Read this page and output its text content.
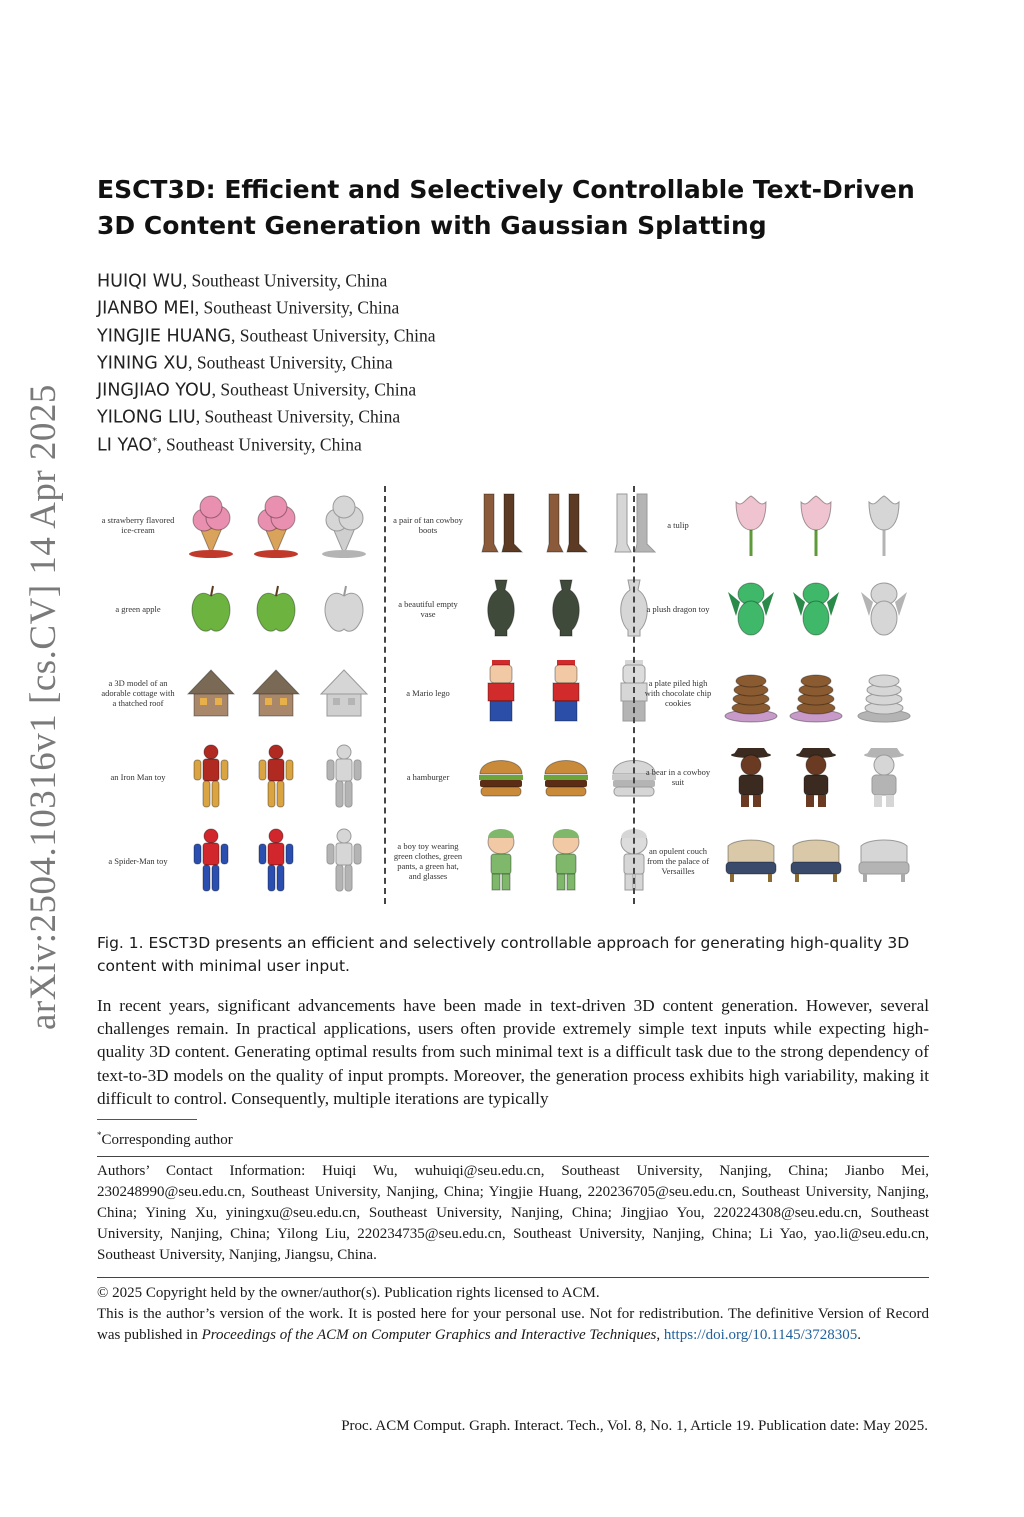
arXiv:2504.10316v1 [cs.CV] 14 Apr 2025
ESCT3D: Efficient and Selectively Controllable Text-Driven 3D Content Generation with Gaussian Splatting
HUIQI WU, Southeast University, China
JIANBO MEI, Southeast University, China
YINGJIE HUANG, Southeast University, China
YINING XU, Southeast University, China
JINGJIAO YOU, Southeast University, China
YILONG LIU, Southeast University, China
LI YAO*, Southeast University, China
a strawberry flavored ice-cream
a green apple
a 3D model of an adorable cottage with a thatched roof
an Iron Man toy
a Spider-Man toy
a pair of tan cowboy boots
a beautiful empty vase
a Mario lego
a hamburger
a boy toy wearing green clothes, green pants, a green hat, and glasses
a tulip
a plush dragon toy
a plate piled high with chocolate chip cookies
a bear in a cowboy suit
an opulent couch from the palace of Versailles
Fig. 1. ESCT3D presents an efficient and selectively controllable approach for generating high-quality 3D content with minimal user input.
In recent years, significant advancements have been made in text-driven 3D content generation. However, several challenges remain. In practical applications, users often provide extremely simple text inputs while expecting high-quality 3D content. Generating optimal results from such minimal text is a difficult task due to the strong dependency of text-to-3D models on the quality of input prompts. Moreover, the generation process exhibits high variability, making it difficult to control. Consequently, multiple iterations are typically
*Corresponding author
Authors’ Contact Information: Huiqi Wu, wuhuiqi@seu.edu.cn, Southeast University, Nanjing, China; Jianbo Mei, 230248990@seu.edu.cn, Southeast University, Nanjing, China; Yingjie Huang, 220236705@seu.edu.cn, Southeast University, Nanjing, China; Yining Xu, yiningxu@seu.edu.cn, Southeast University, Nanjing, China; Jingjiao You, 220224308@seu.edu.cn, Southeast University, Nanjing, China; Yilong Liu, 220234735@seu.edu.cn, Southeast University, Nanjing, China; Li Yao, yao.li@seu.edu.cn, Southeast University, Nanjing, Jiangsu, China.
© 2025 Copyright held by the owner/author(s). Publication rights licensed to ACM.
This is the author’s version of the work. It is posted here for your personal use. Not for redistribution. The definitive Version of Record was published in Proceedings of the ACM on Computer Graphics and Interactive Techniques, https://doi.org/10.1145/3728305.
Proc. ACM Comput. Graph. Interact. Tech., Vol. 8, No. 1, Article 19. Publication date: May 2025.
